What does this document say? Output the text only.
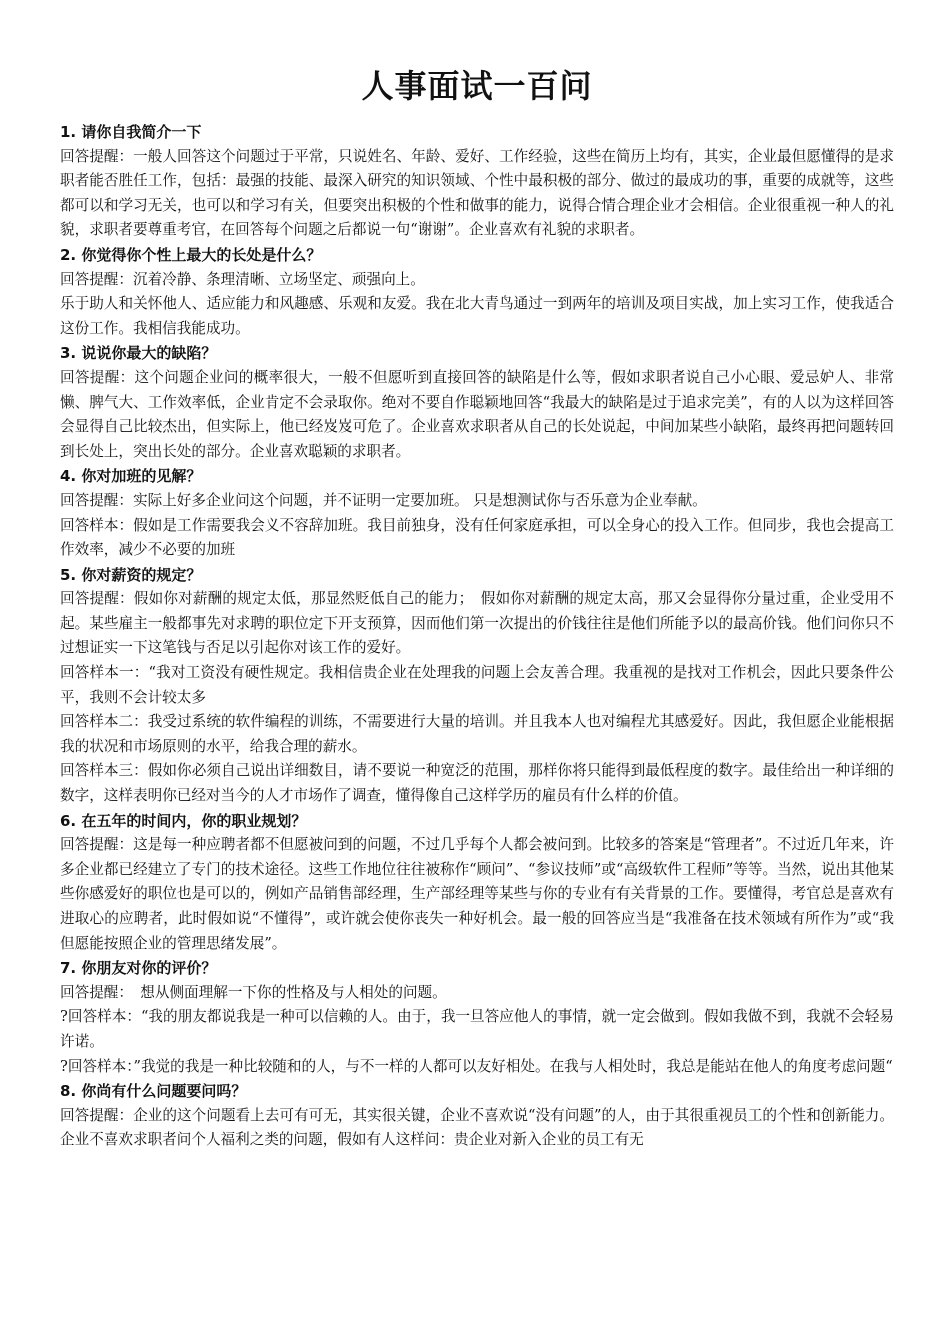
人事面试一百问
1. 请你自我简介一下
回答提醒：一般人回答这个问题过于平常，只说姓名、年龄、爱好、工作经验，这些在简历上均有，其实，企业最但愿懂得的是求职者能否胜任工作，包括：最强的技能、最深入研究的知识领域、个性中最积极的部分、做过的最成功的事，重要的成就等，这些都可以和学习无关，也可以和学习有关，但要突出积极的个性和做事的能力，说得合情合理企业才会相信。企业很重视一种人的礼貌，求职者要尊重考官，在回答每个问题之后都说一句“谢谢”。企业喜欢有礼貌的求职者。
2. 你觉得你个性上最大的长处是什么？
回答提醒：沉着冷静、条理清晰、立场坚定、顽强向上。
乐于助人和关怀他人、适应能力和风趣感、乐观和友爱。我在北大青鸟通过一到两年的培训及项目实战，加上实习工作，使我适合这份工作。我相信我能成功。
3. 说说你最大的缺陷？
回答提醒：这个问题企业问的概率很大，一般不但愿听到直接回答的缺陷是什么等，假如求职者说自己小心眼、爱忌妒人、非常懒、脾气大、工作效率低，企业肯定不会录取你。绝对不要自作聪颖地回答“我最大的缺陷是过于追求完美”，有的人以为这样回答会显得自己比较杰出，但实际上，他已经岌岌可危了。企业喜欢求职者从自己的长处说起，中间加某些小缺陷，最终再把问题转回到长处上，突出长处的部分。企业喜欢聪颖的求职者。
4. 你对加班的见解？
回答提醒：实际上好多企业问这个问题，并不证明一定要加班。 只是想测试你与否乐意为企业奉献。
回答样本：假如是工作需要我会义不容辞加班。我目前独身，没有任何家庭承担，可以全身心的投入工作。但同步，我也会提高工作效率，减少不必要的加班
5. 你对薪资的规定？
回答提醒：假如你对薪酬的规定太低，那显然贬低自己的能力；　假如你对薪酬的规定太高，那又会显得你分量过重，企业受用不起。某些雇主一般都事先对求聘的职位定下开支预算，因而他们第一次提出的价钱往往是他们所能予以的最高价钱。他们问你只不过想证实一下这笔钱与否足以引起你对该工作的爱好。
回答样本一：“我对工资没有硬性规定。我相信贵企业在处理我的问题上会友善合理。我重视的是找对工作机会，因此只要条件公平，我则不会计较太多
回答样本二：我受过系统的软件编程的训练，不需要进行大量的培训。并且我本人也对编程尤其感爱好。因此，我但愿企业能根据我的状况和市场原则的水平，给我合理的薪水。
回答样本三：假如你必须自己说出详细数目，请不要说一种宽泛的范围，那样你将只能得到最低程度的数字。最佳给出一种详细的数字，这样表明你已经对当今的人才市场作了调查，懂得像自己这样学历的雇员有什么样的价值。
6. 在五年的时间内，你的职业规划？
回答提醒：这是每一种应聘者都不但愿被问到的问题，不过几乎每个人都会被问到。比较多的答案是“管理者”。不过近几年来，许多企业都已经建立了专门的技术途径。这些工作地位往往被称作“顾问”、“参议技师”或“高级软件工程师”等等。当然，说出其他某些你感爱好的职位也是可以的，例如产品销售部经理，生产部经理等某些与你的专业有有关背景的工作。要懂得，考官总是喜欢有进取心的应聘者，此时假如说“不懂得”，或许就会使你丧失一种好机会。最一般的回答应当是“我准备在技术领域有所作为”或“我但愿能按照企业的管理思绪发展”。
7. 你朋友对你的评价？
回答提醒：　想从侧面理解一下你的性格及与人相处的问题。
?回答样本：“我的朋友都说我是一种可以信赖的人。由于，我一旦答应他人的事情，就一定会做到。假如我做不到，我就不会轻易许诺。
?回答样本：”我觉的我是一种比较随和的人，与不一样的人都可以友好相处。在我与人相处时，我总是能站在他人的角度考虑问题“
8. 你尚有什么问题要问吗？
回答提醒：企业的这个问题看上去可有可无，其实很关键，企业不喜欢说“没有问题”的人，由于其很重视员工的个性和创新能力。企业不喜欢求职者问个人福利之类的问题，假如有人这样问：贵企业对新入企业的员工有无
